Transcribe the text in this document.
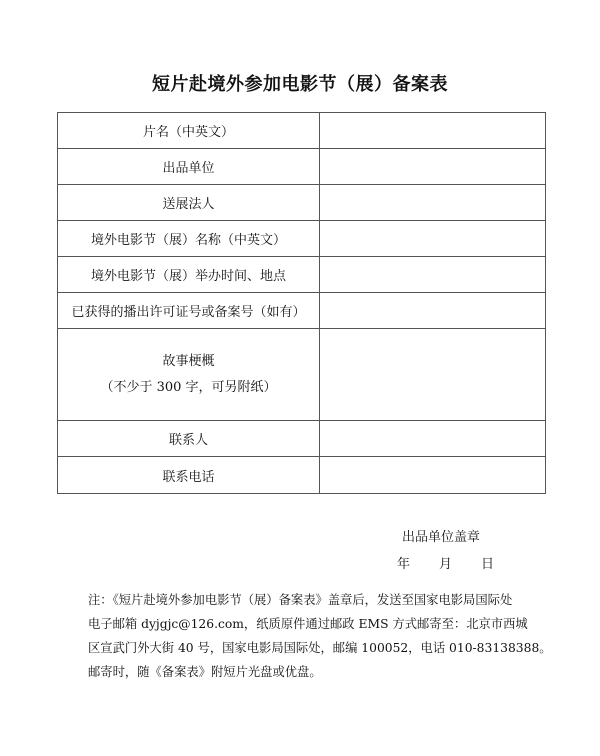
短片赴境外参加电影节（展）备案表
片名（中英文）	
出品单位	
送展法人	
境外电影节（展）名称（中英文）	
境外电影节（展）举办时间、地点	
已获得的播出许可证号或备案号（如有）	

故事梗概
（不少于 300 字，可另附纸）	

联系人	
联系电话	
出品单位盖章
年 月 日
注：《短片赴境外参加电影节（展）备案表》盖章后，发送至国家电影局国际处
电子邮箱 dyjgjc@126.com，纸质原件通过邮政 EMS 方式邮寄至：北京市西城
区宣武门外大街 40 号，国家电影局国际处，邮编 100052，电话 010-83138388。
邮寄时，随《备案表》附短片光盘或优盘。
